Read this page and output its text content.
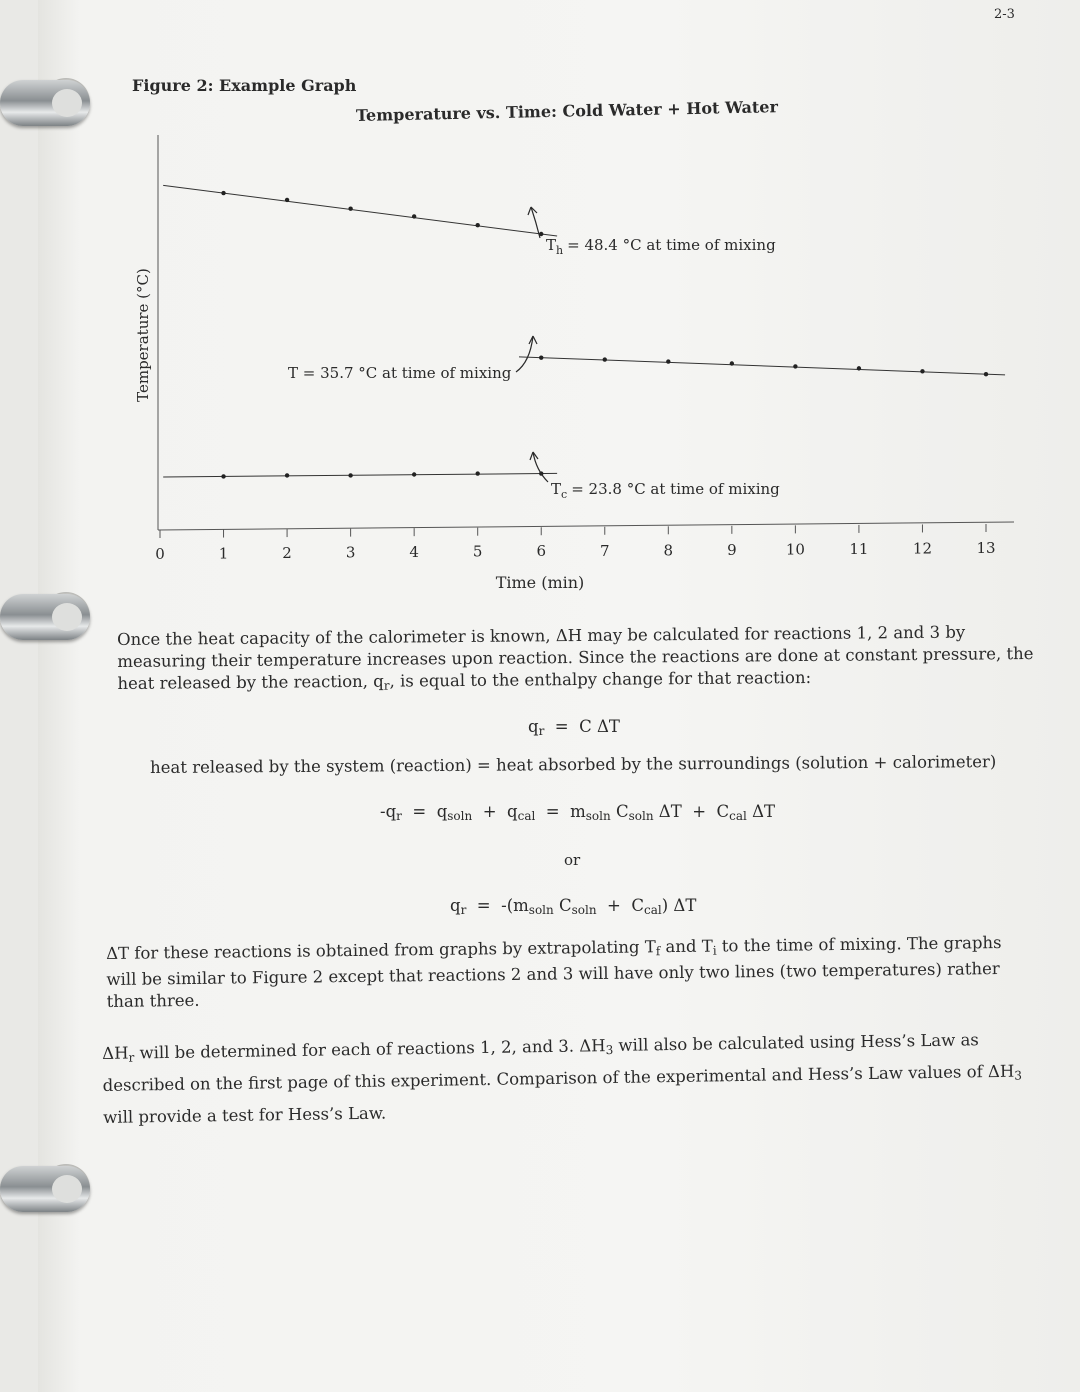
2-3
Figure 2: Example Graph
Temperature vs. Time: Cold Water + Hot Water
0	1	2	3	4	5	6	7	8	9	10	11	12	13
Time (min)
Temperature (°C)
$T_h = 48.4$ °C at time of mixing
T = 35.7 °C at time of mixing
$T_c = 23.8$ °C at time of mixing
Once the heat capacity of the calorimeter is known, ΔH may be calculated for reactions 1, 2 and 3 by measuring their temperature increases upon reaction. Since the reactions are done at constant pressure, the heat released by the reaction, $q_r$, is equal to the enthalpy change for that reaction:
$q_r = C$ ΔT
heat released by the system (reaction) = heat absorbed by the surroundings (solution + calorimeter)
$-q_r = q_{soln} + q_{cal} = m_{soln}$ $C_{soln}$ $\Delta T + C_{cal}$ ΔT
or
$q_r = -(m_{soln}$ $C_{soln} + C_{cal}$) ΔT
ΔT for these reactions is obtained from graphs by extrapolating $T_f$ and $T_i$ to the time of mixing. The graphs will be similar to Figure 2 except that reactions 2 and 3 will have only two lines (two temperatures) rather than three.
$\Delta H_r$ will be determined for each of reactions 1, 2, and 3. $\Delta H_3$ will also be calculated using Hess’s Law as described on the first page of this experiment. Comparison of the experimental and Hess’s Law values of $\Delta H_3$ will provide a test for Hess’s Law.
